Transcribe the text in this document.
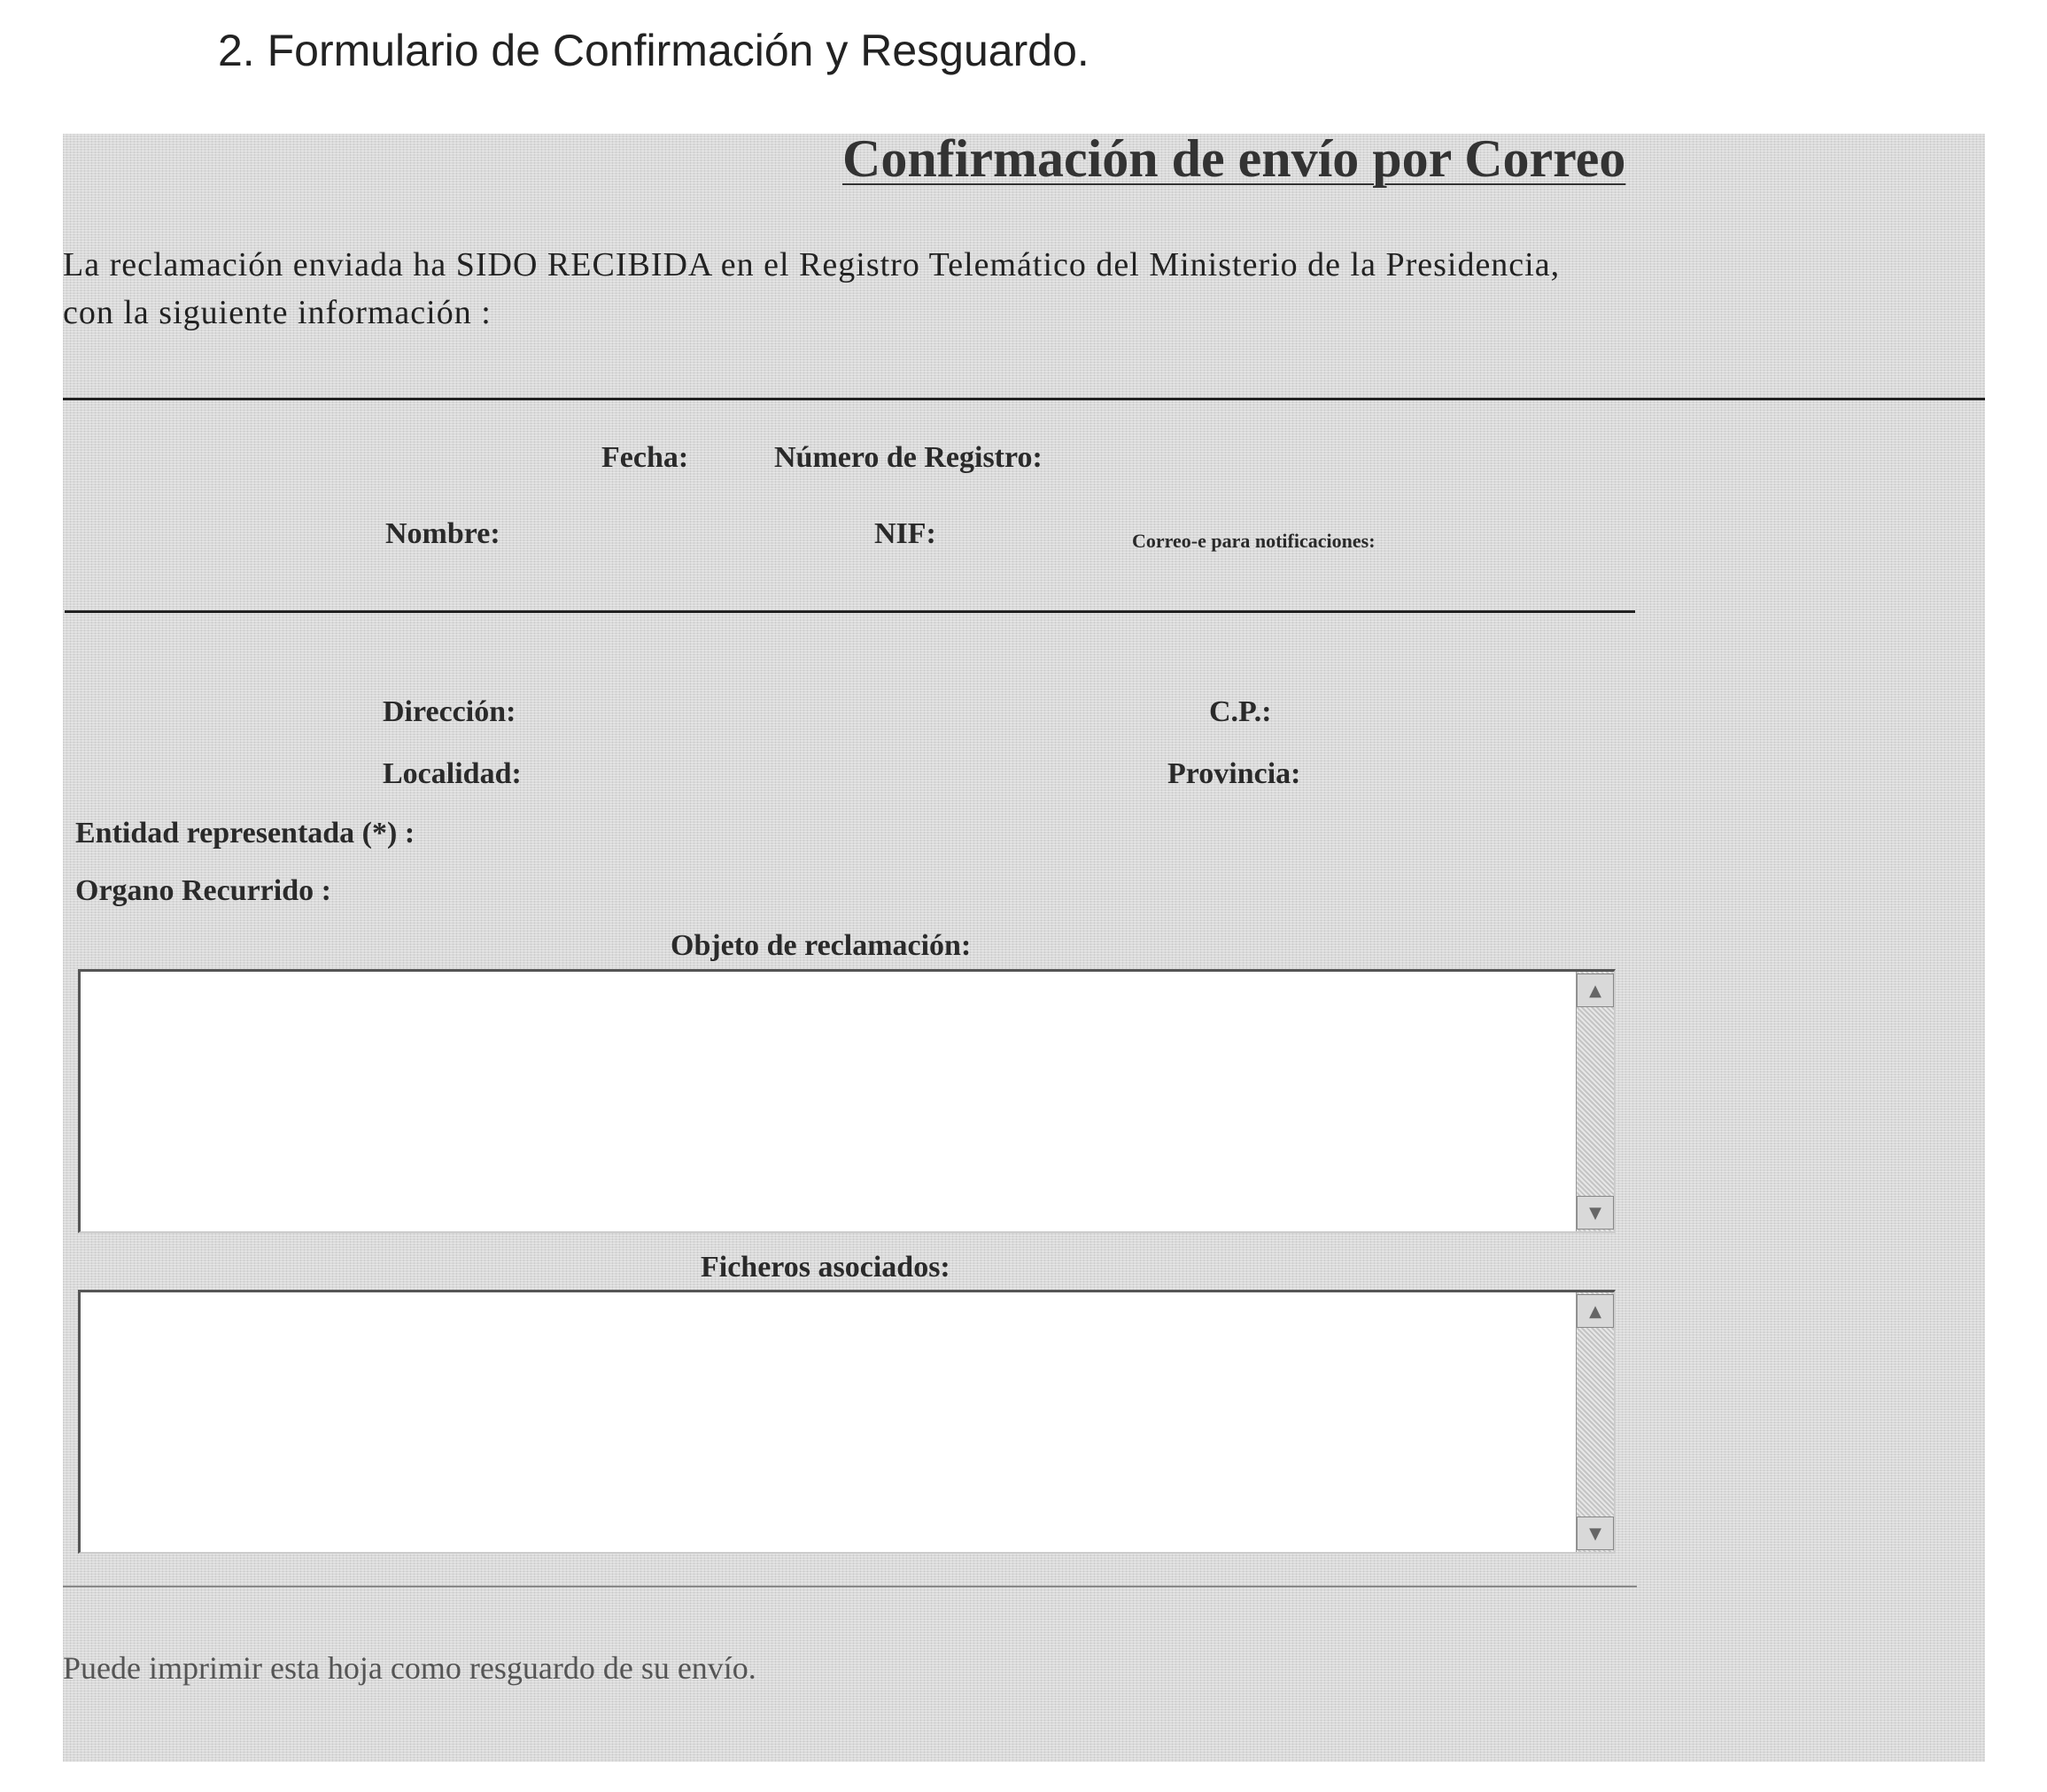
2. Formulario de Confirmación y Resguardo.
Confirmación de envío por Correo
La reclamación enviada ha SIDO RECIBIDA en el Registro Telemático del Ministerio de la Presidencia,
con la siguiente información :
Fecha:	Número de Registro:
Nombre:	NIF:	Correo-e para notificaciones:
Dirección:	C.P.:
Localidad:	Provincia:
Entidad representada (*) :
Organo Recurrido :
Objeto de reclamación:
▲
▼
Ficheros asociados:
▲
▼
Puede imprimir esta hoja como resguardo de su envío.
